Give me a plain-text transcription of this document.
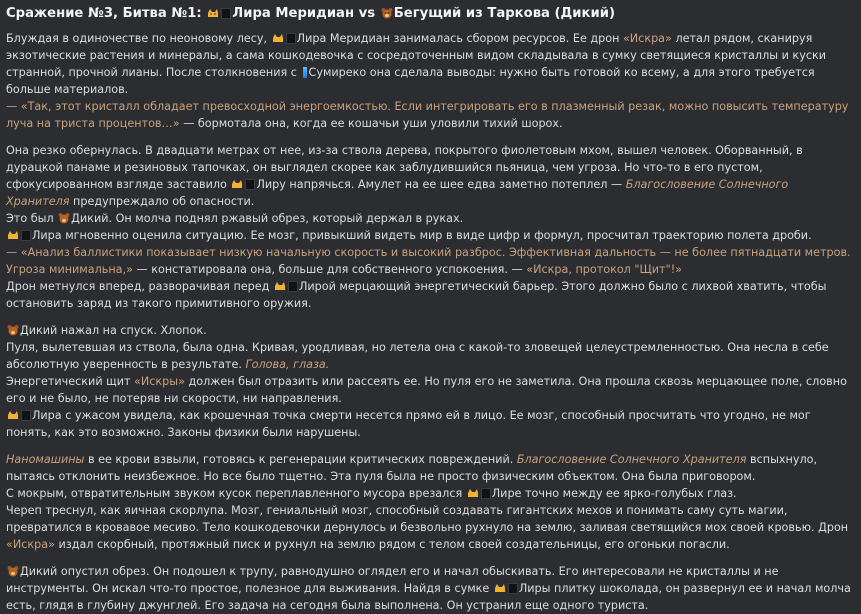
Сражение №3, Битва №1: Лира Меридиан vs Бегущий из Таркова (Дикий)

Блуждая в одиночестве по неоновому лесу, Лира Меридиан занималась сбором ресурсов. Ее дрон «Искра» летал рядом, сканируя экзотические растения и минералы, а сама кошкодевочка с сосредоточенным видом складывала в сумку светящиеся кристаллы и куски странной, прочной лианы. После столкновения с Сумиреко она сделала выводы: нужно быть готовой ко всему, а для этого требуется больше материалов.

— «Так, этот кристалл обладает превосходной энергоемкостью. Если интегрировать его в плазменный резак, можно повысить температуру луча на триста процентов…» — бормотала она, когда ее кошачьи уши уловили тихий шорох.

Она резко обернулась. В двадцати метрах от нее, из-за ствола дерева, покрытого фиолетовым мхом, вышел человек. Оборванный, в дурацкой панаме и резиновых тапочках, он выглядел скорее как заблудившийся пьяница, чем угроза. Но что-то в его пустом, сфокусированном взгляде заставило Лиру напрячься. Амулет на ее шее едва заметно потеплел — Благословение Солнечного Хранителя предупреждало об опасности.

Это был Дикий. Он молча поднял ржавый обрез, который держал в руках.

Лира мгновенно оценила ситуацию. Ее мозг, привыкший видеть мир в виде цифр и формул, просчитал траекторию полета дроби.

— «Анализ баллистики показывает низкую начальную скорость и высокий разброс. Эффективная дальность — не более пятнадцати метров. Угроза минимальна,» — констатировала она, больше для собственного успокоения. — «Искра, протокол "Щит"!»

Дрон метнулся вперед, разворачивая перед Лирой мерцающий энергетический барьер. Этого должно было с лихвой хватить, чтобы остановить заряд из такого примитивного оружия.

Дикий нажал на спуск. Хлопок.

Пуля, вылетевшая из ствола, была одна. Кривая, уродливая, но летела она с какой-то зловещей целеустремленностью. Она несла в себе абсолютную уверенность в результате. Голова, глаза.

Энергетический щит «Искры» должен был отразить или рассеять ее. Но пуля его не заметила. Она прошла сквозь мерцающее поле, словно его и не было, не потеряв ни скорости, ни направления.

Лира с ужасом увидела, как крошечная точка смерти несется прямо ей в лицо. Ее мозг, способный просчитать что угодно, не мог понять, как это возможно. Законы физики были нарушены.

Наномашины в ее крови взвыли, готовясь к регенерации критических повреждений. Благословение Солнечного Хранителя вспыхнуло, пытаясь отклонить неизбежное. Но все было тщетно. Эта пуля была не просто физическим объектом. Она была приговором.

С мокрым, отвратительным звуком кусок переплавленного мусора врезался Лире точно между ее ярко-голубых глаз.

Череп треснул, как яичная скорлупа. Мозг, гениальный мозг, способный создавать гигантских мехов и понимать саму суть магии, превратился в кровавое месиво. Тело кошкодевочки дернулось и безвольно рухнуло на землю, заливая светящийся мох своей кровью. Дрон «Искра» издал скорбный, протяжный писк и рухнул на землю рядом с телом своей создательницы, его огоньки погасли.

Дикий опустил обрез. Он подошел к трупу, равнодушно оглядел его и начал обыскивать. Его интересовали не кристаллы и не инструменты. Он искал что-то простое, полезное для выживания. Найдя в сумке Лиры плитку шоколада, он развернул ее и начал молча есть, глядя в глубину джунглей. Его задача на сегодня была выполнена. Он устранил еще одного туриста.
